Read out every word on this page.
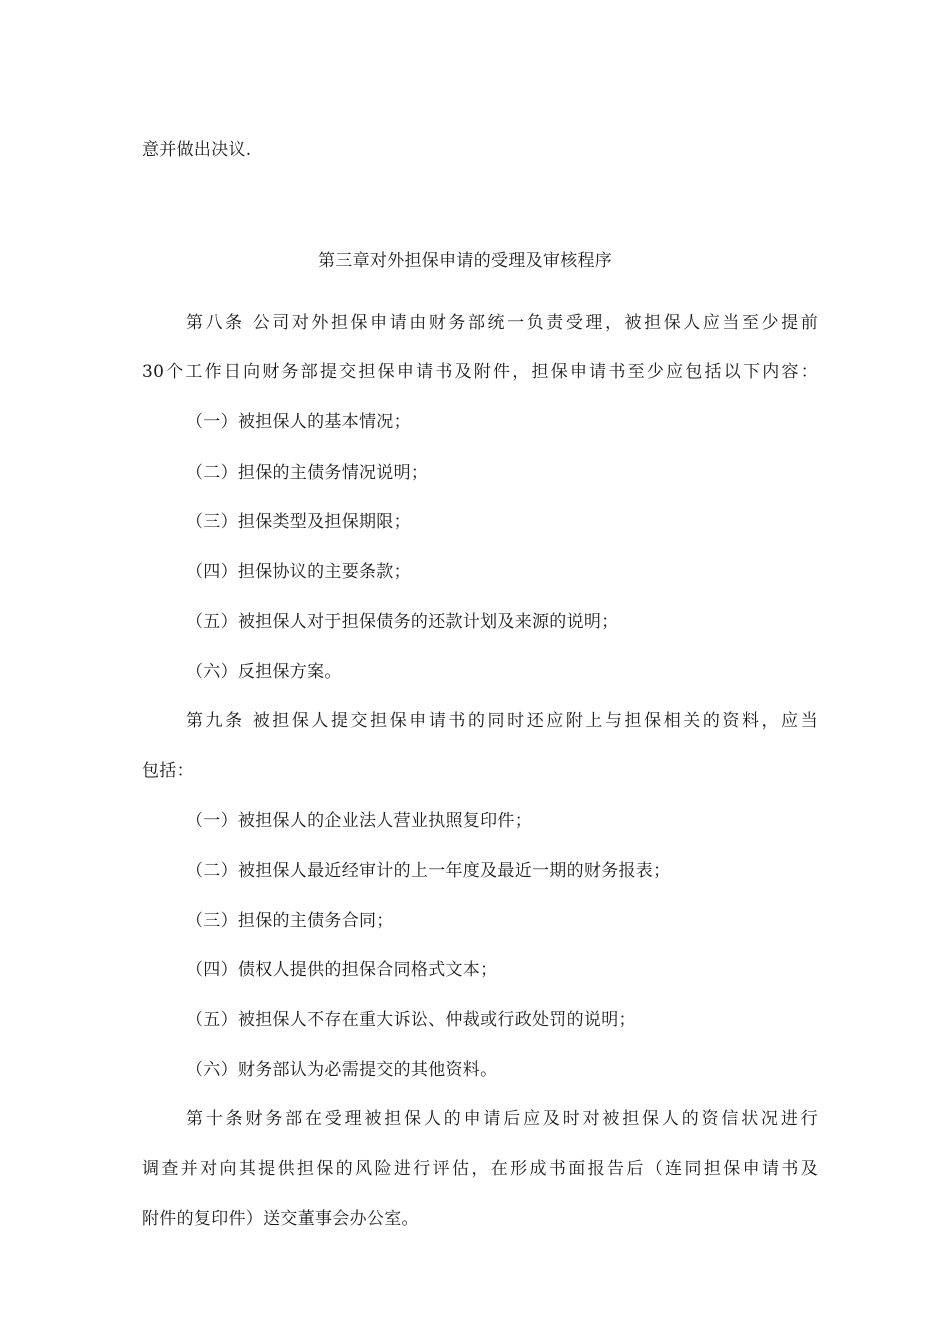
意并做出决议.
第三章对外担保申请的受理及审核程序
第八条 公司对外担保申请由财务部统一负责受理，被担保人应当至少提前
30个工作日向财务部提交担保申请书及附件，担保申请书至少应包括以下内容：
（一）被担保人的基本情况；
（二）担保的主债务情况说明；
（三）担保类型及担保期限；
（四）担保协议的主要条款；
（五）被担保人对于担保债务的还款计划及来源的说明；
（六）反担保方案。
第九条 被担保人提交担保申请书的同时还应附上与担保相关的资料，应当
包括：
（一）被担保人的企业法人营业执照复印件；
（二）被担保人最近经审计的上一年度及最近一期的财务报表；
（三）担保的主债务合同；
（四）债权人提供的担保合同格式文本；
（五）被担保人不存在重大诉讼、仲裁或行政处罚的说明；
（六）财务部认为必需提交的其他资料。
第十条财务部在受理被担保人的申请后应及时对被担保人的资信状况进行
调查并对向其提供担保的风险进行评估，在形成书面报告后（连同担保申请书及
附件的复印件）送交董事会办公室。
